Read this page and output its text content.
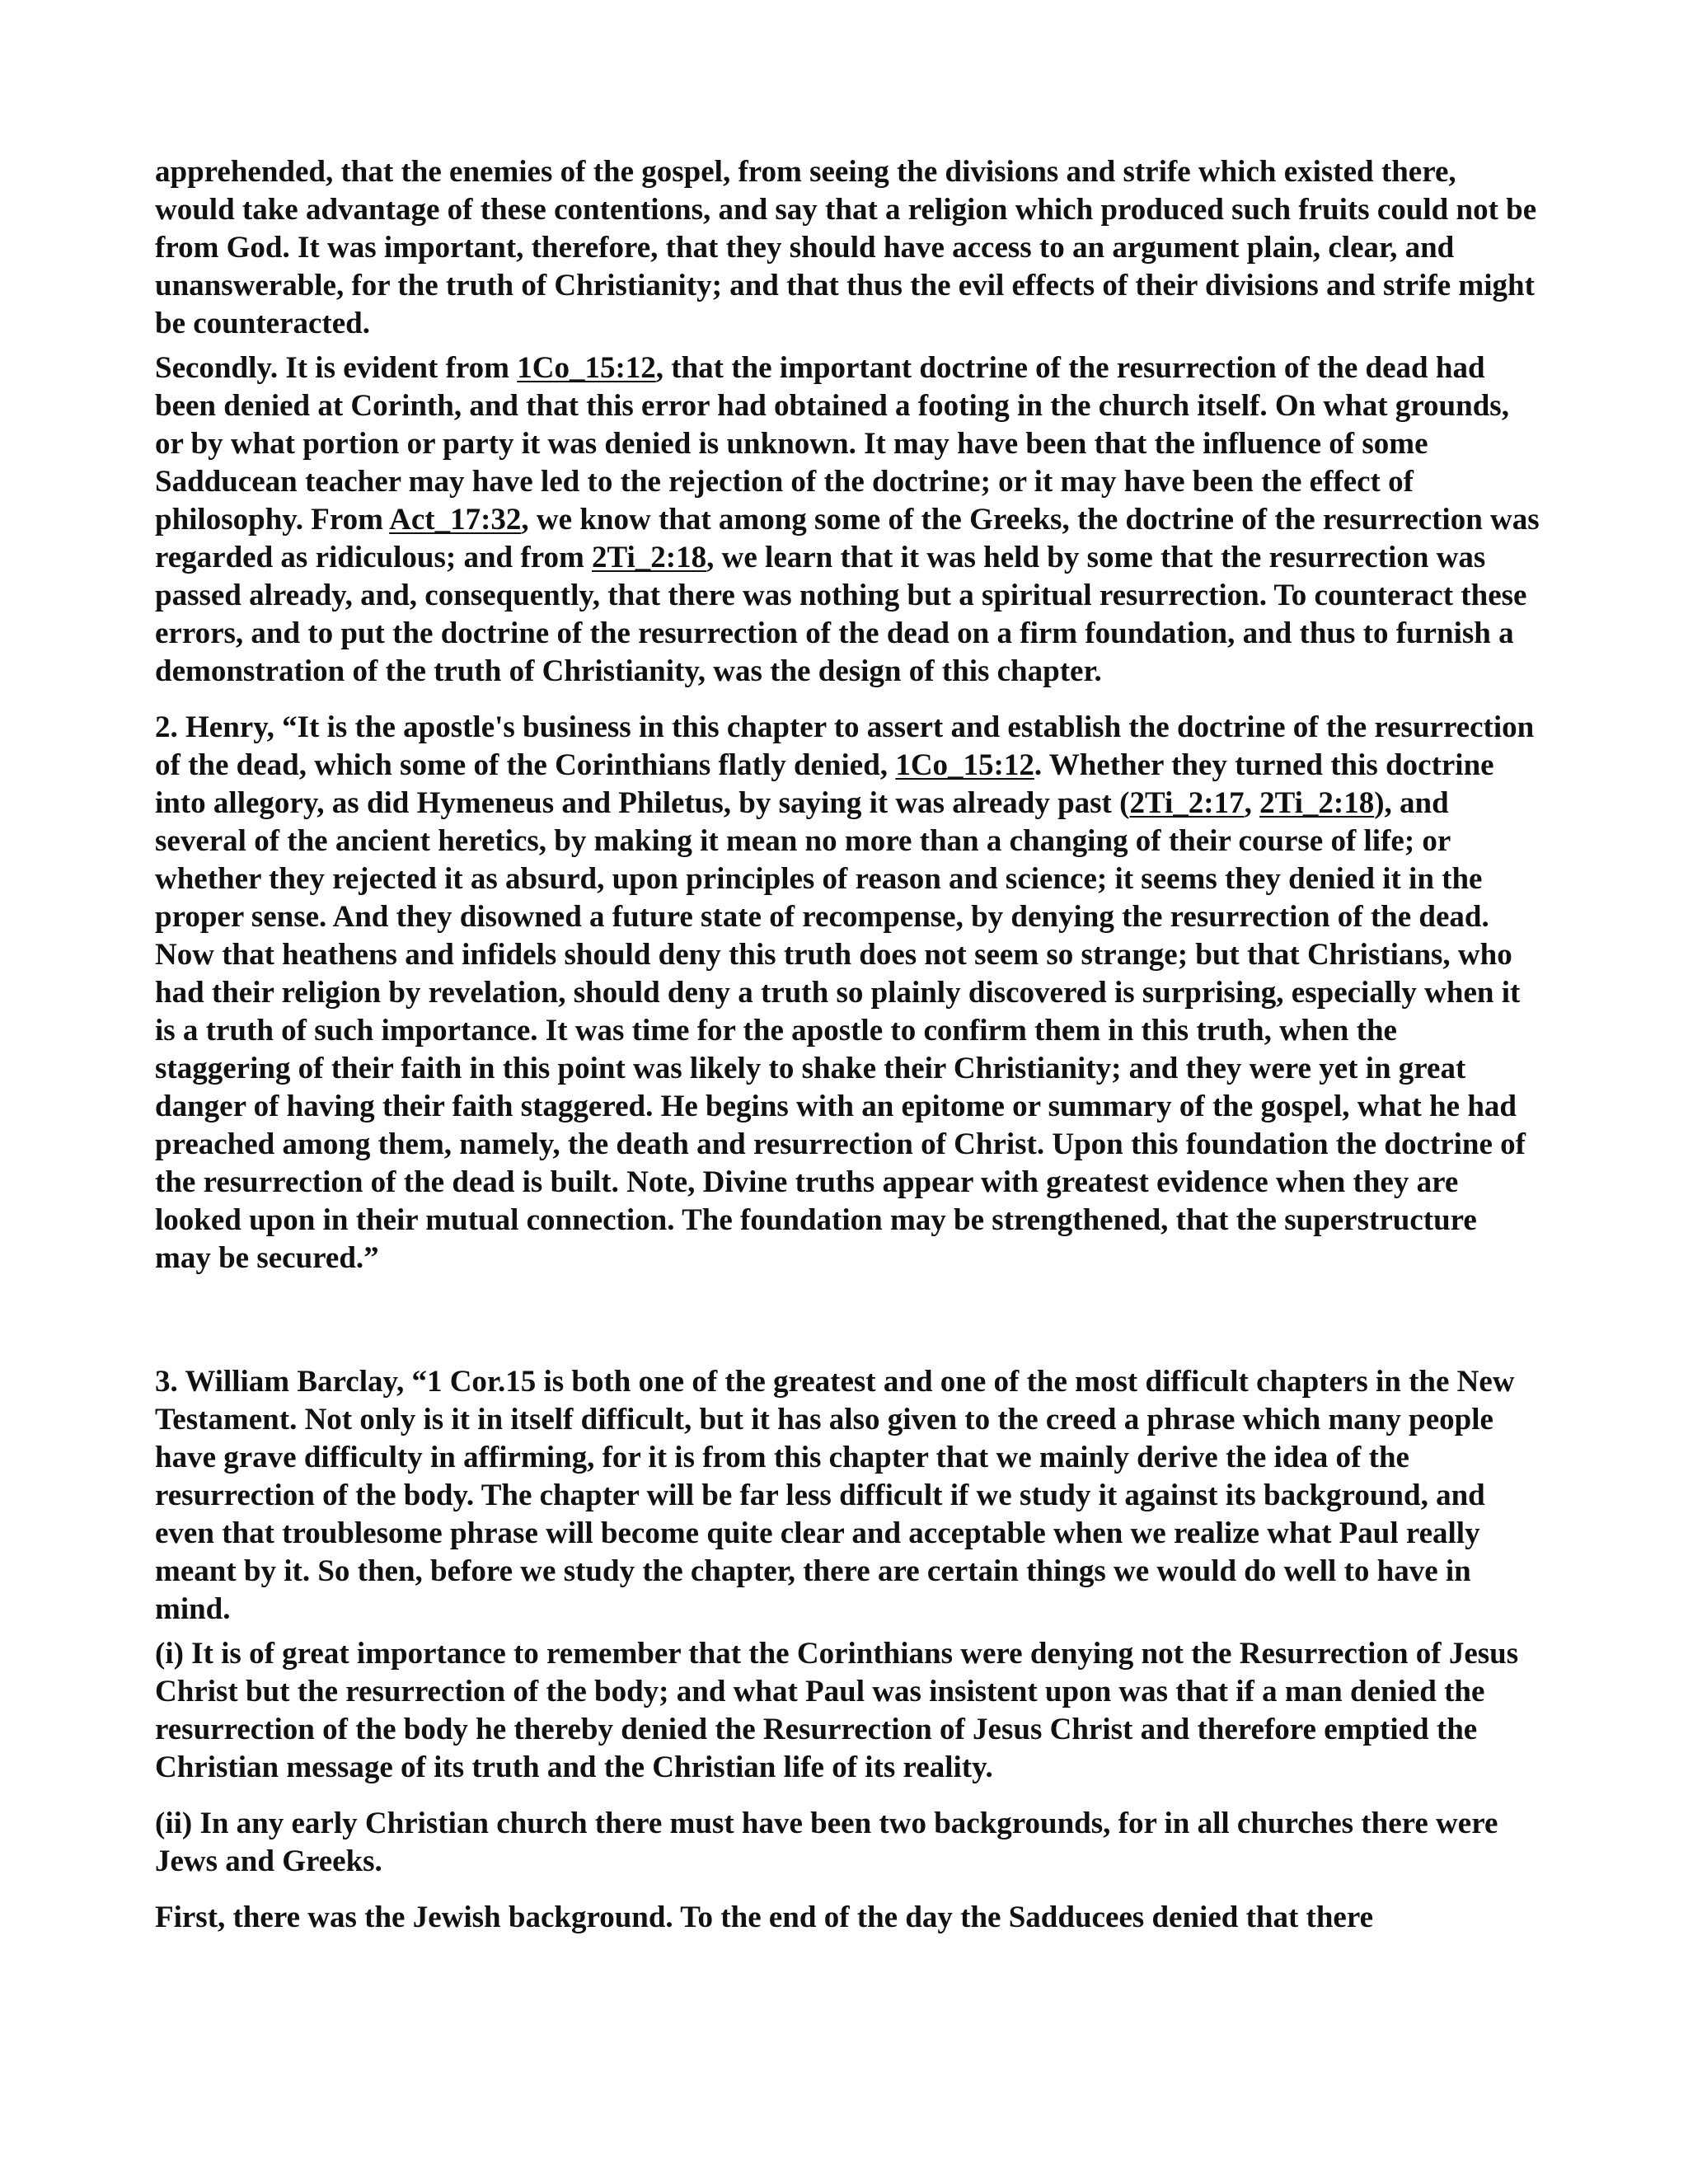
apprehended, that the enemies of the gospel, from seeing the divisions and strife which existed there, would take advantage of these contentions, and say that a religion which produced such fruits could not be from God. It was important, therefore, that they should have access to an argument plain, clear, and unanswerable, for the truth of Christianity; and that thus the evil effects of their divisions and strife might be counteracted.

Secondly. It is evident from 1Co_15:12, that the important doctrine of the resurrection of the dead had been denied at Corinth, and that this error had obtained a footing in the church itself. On what grounds, or by what portion or party it was denied is unknown. It may have been that the influence of some Sadducean teacher may have led to the rejection of the doctrine; or it may have been the effect of philosophy. From Act_17:32, we know that among some of the Greeks, the doctrine of the resurrection was regarded as ridiculous; and from 2Ti_2:18, we learn that it was held by some that the resurrection was passed already, and, consequently, that there was nothing but a spiritual resurrection. To counteract these errors, and to put the doctrine of the resurrection of the dead on a firm foundation, and thus to furnish a demonstration of the truth of Christianity, was the design of this chapter.

2. Henry, “It is the apostle's business in this chapter to assert and establish the doctrine of the resurrection of the dead, which some of the Corinthians flatly denied, 1Co_15:12. Whether they turned this doctrine into allegory, as did Hymeneus and Philetus, by saying it was already past (2Ti_2:17, 2Ti_2:18), and several of the ancient heretics, by making it mean no more than a changing of their course of life; or whether they rejected it as absurd, upon principles of reason and science; it seems they denied it in the proper sense. And they disowned a future state of recompense, by denying the resurrection of the dead. Now that heathens and infidels should deny this truth does not seem so strange; but that Christians, who had their religion by revelation, should deny a truth so plainly discovered is surprising, especially when it is a truth of such importance. It was time for the apostle to confirm them in this truth, when the staggering of their faith in this point was likely to shake their Christianity; and they were yet in great danger of having their faith staggered. He begins with an epitome or summary of the gospel, what he had preached among them, namely, the death and resurrection of Christ. Upon this foundation the doctrine of the resurrection of the dead is built. Note, Divine truths appear with greatest evidence when they are looked upon in their mutual connection. The foundation may be strengthened, that the superstructure may be secured.”

3. William Barclay, “1 Cor.15 is both one of the greatest and one of the most difficult chapters in the New Testament. Not only is it in itself difficult, but it has also given to the creed a phrase which many people have grave difficulty in affirming, for it is from this chapter that we mainly derive the idea of the resurrection of the body. The chapter will be far less difficult if we study it against its background, and even that troublesome phrase will become quite clear and acceptable when we realize what Paul really meant by it. So then, before we study the chapter, there are certain things we would do well to have in mind.

(i) It is of great importance to remember that the Corinthians were denying not the Resurrection of Jesus Christ but the resurrection of the body; and what Paul was insistent upon was that if a man denied the resurrection of the body he thereby denied the Resurrection of Jesus Christ and therefore emptied the Christian message of its truth and the Christian life of its reality.

(ii) In any early Christian church there must have been two backgrounds, for in all churches there were Jews and Greeks.

First, there was the Jewish background. To the end of the day the Sadducees denied that there
